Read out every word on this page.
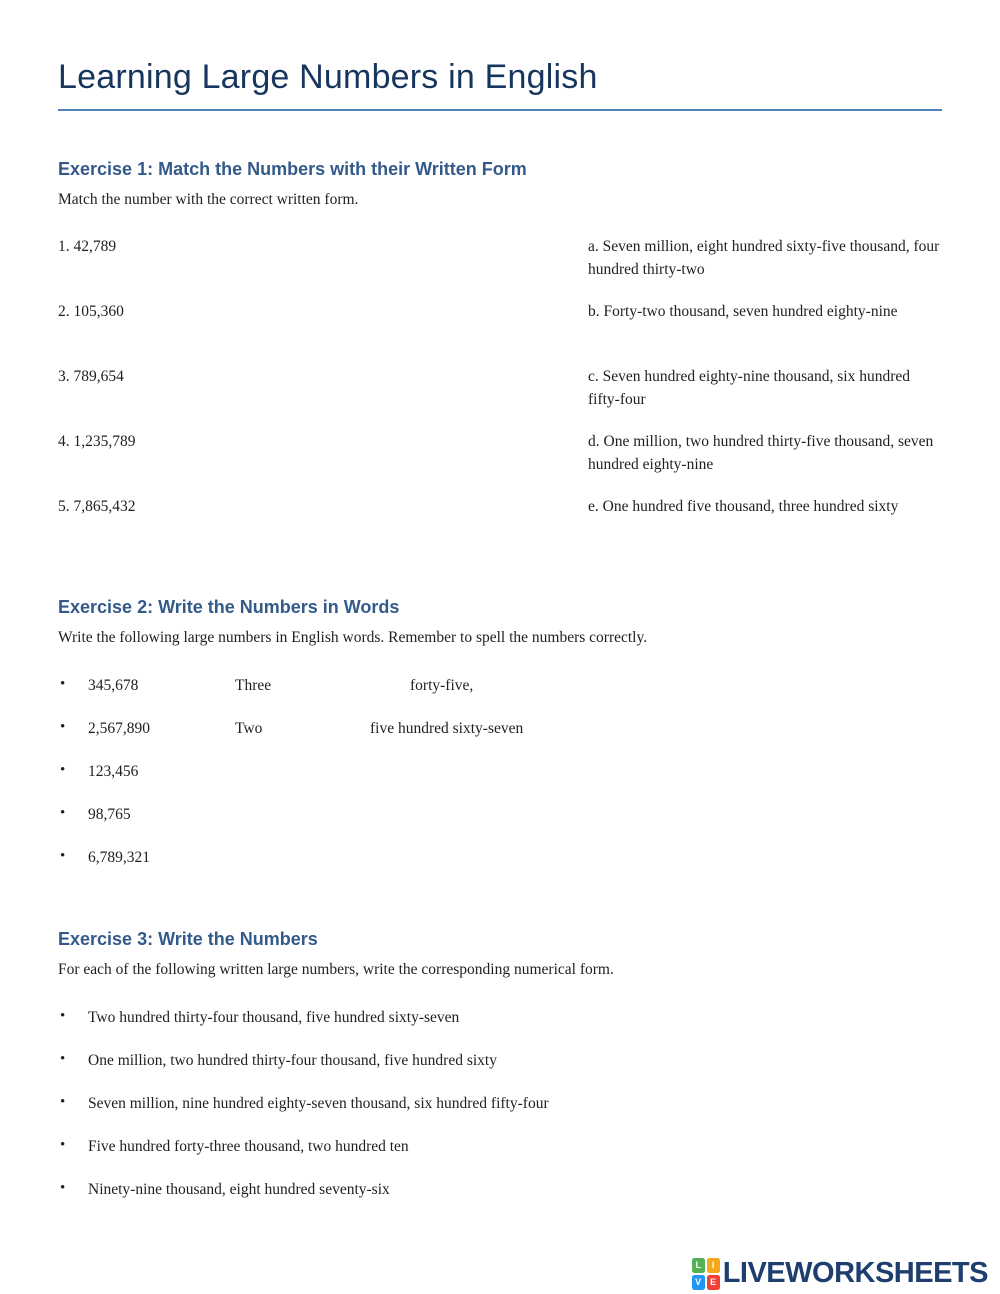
Learning Large Numbers in English
Exercise 1: Match the Numbers with their Written Form

Match the number with the correct written form.

1. 42,789	a. Seven million, eight hundred sixty-five thousand, four hundred thirty-two
2. 105,360	b. Forty-two thousand, seven hundred eighty-nine
3. 789,654	c. Seven hundred eighty-nine thousand, six hundred fifty-four
4. 1,235,789	d. One million, two hundred thirty-five thousand, seven hundred eighty-nine
5. 7,865,432	e. One hundred five thousand, three hundred sixty
Exercise 2: Write the Numbers in Words

Write the following large numbers in English words. Remember to spell the numbers correctly.

• 345,678	Three	forty-five,
• 2,567,890	Two	five hundred sixty-seven
• 123,456
• 98,765
• 6,789,321
Exercise 3: Write the Numbers

For each of the following written large numbers, write the corresponding numerical form.

• Two hundred thirty-four thousand, five hundred sixty-seven
• One million, two hundred thirty-four thousand, five hundred sixty
• Seven million, nine hundred eighty-seven thousand, six hundred fifty-four
• Five hundred forty-three thousand, two hundred ten
• Ninety-nine thousand, eight hundred seventy-six
L	I
V E LIVEWORKSHEETS
